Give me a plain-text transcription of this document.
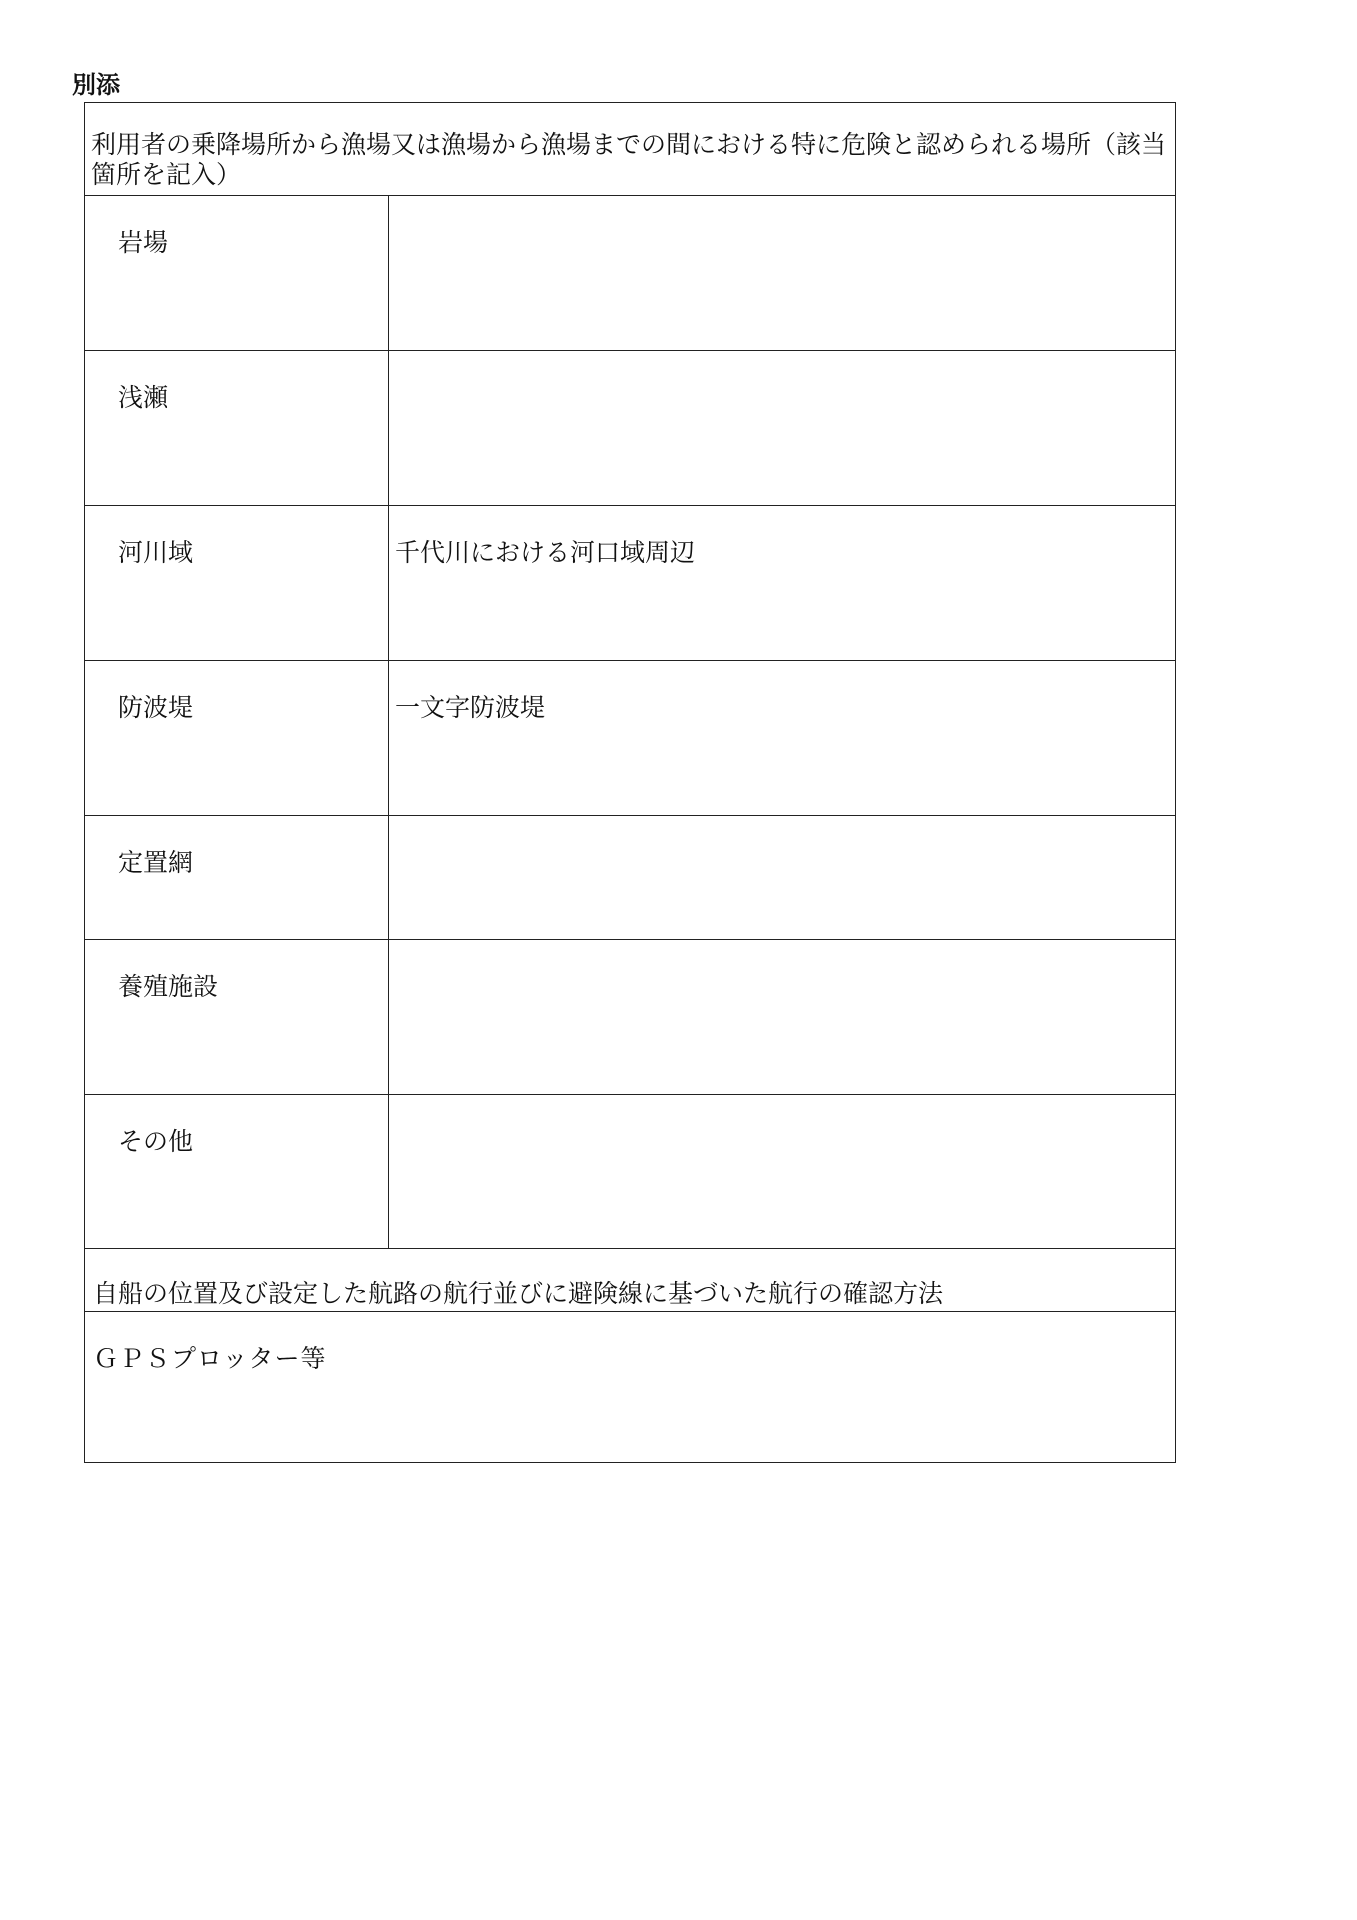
別添
利用者の乗降場所から漁場又は漁場から漁場までの間における特に危険と認められる場所（該当箇所を記入）
岩場
浅瀬
河川域	千代川における河口域周辺
防波堤	一文字防波堤
定置網
養殖施設
その他
自船の位置及び設定した航路の航行並びに避険線に基づいた航行の確認方法
ＧＰＳプロッター等
